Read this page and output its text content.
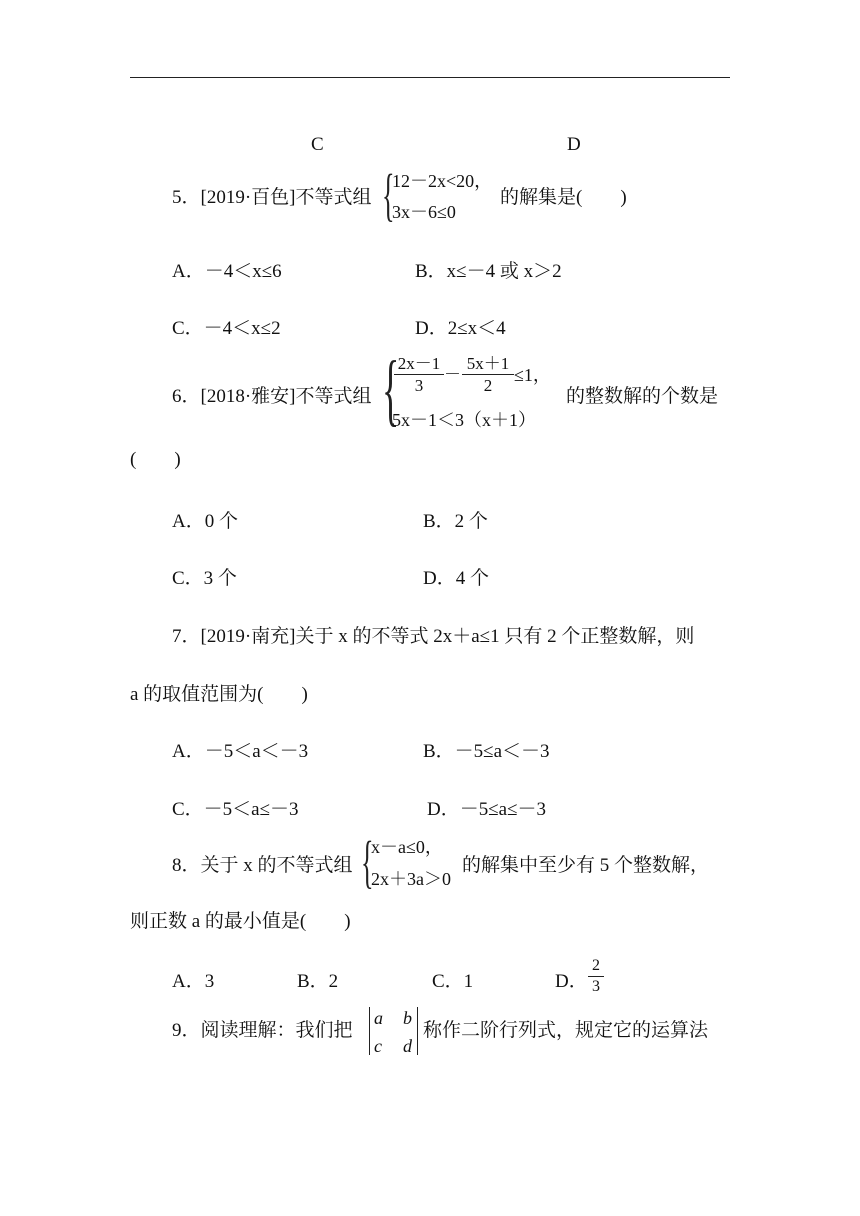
C	D
5．[2019·百色]不等式组 {
12－2x<20，
3x－6≤0
的解集是(　　)
A．－4＜x≤6	B．x≤－4 或 x＞2
C．－4＜x≤2	D．2≤x＜4
6．[2018·雅安]不等式组 {
2x－1
3
－
5x＋1
2
≤1，
5x－1＜3（x＋1）
的整数解的个数是
(　　)
A．0 个	B．2 个
C．3 个	D．4 个
7．[2019·南充]关于 x 的不等式 2x＋a≤1 只有 2 个正整数解，则
a 的取值范围为(　　)
A．－5＜a＜－3	B．－5≤a＜－3
C．－5＜a≤－3	D．－5≤a≤－3
8．关于 x 的不等式组 {
x－a≤0，
2x＋3a＞0
的解集中至少有 5 个整数解，
则正数 a 的最小值是(　　)
A．3	B．2	C．1	D．
2
3
9．阅读理解：我们把
a b
c d
称作二阶行列式，规定它的运算法
